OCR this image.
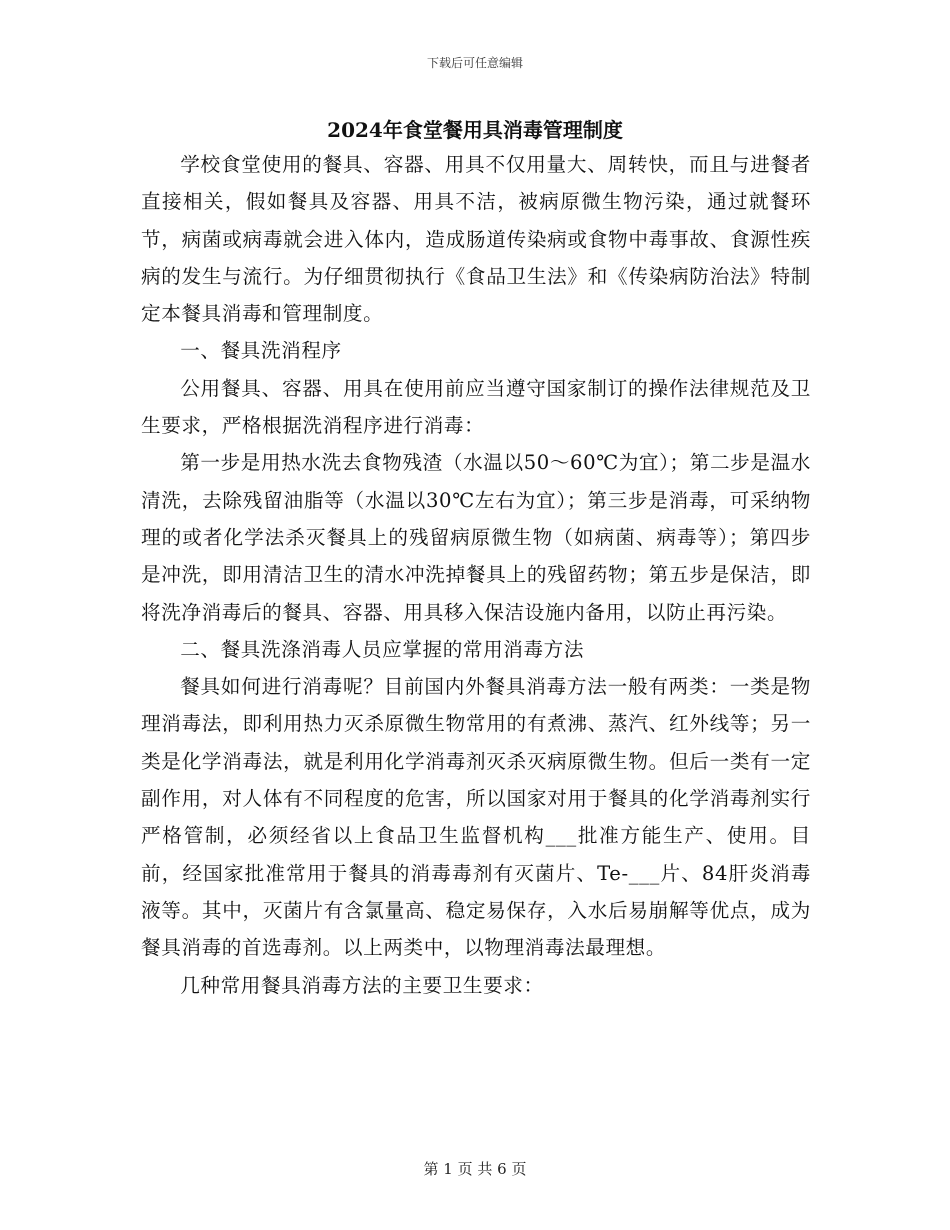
下载后可任意编辑
2024年食堂餐用具消毒管理制度

学校食堂使用的餐具、容器、用具不仅用量大、周转快，而且与进餐者直接相关，假如餐具及容器、用具不洁，被病原微生物污染，通过就餐环节，病菌或病毒就会进入体内，造成肠道传染病或食物中毒事故、食源性疾病的发生与流行。为仔细贯彻执行《食品卫生法》和《传染病防治法》特制定本餐具消毒和管理制度。

一、餐具洗消程序

公用餐具、容器、用具在使用前应当遵守国家制订的操作法律规范及卫生要求，严格根据洗消程序进行消毒：

第一步是用热水洗去食物残渣（水温以50～60℃为宜）；第二步是温水清洗，去除残留油脂等（水温以30℃左右为宜）；第三步是消毒，可采纳物理的或者化学法杀灭餐具上的残留病原微生物（如病菌、病毒等）；第四步是冲洗，即用清洁卫生的清水冲洗掉餐具上的残留药物；第五步是保洁，即将洗净消毒后的餐具、容器、用具移入保洁设施内备用，以防止再污染。

二、餐具洗涤消毒人员应掌握的常用消毒方法

餐具如何进行消毒呢？目前国内外餐具消毒方法一般有两类：一类是物理消毒法，即利用热力灭杀原微生物常用的有煮沸、蒸汽、红外线等；另一类是化学消毒法，就是利用化学消毒剂灭杀灭病原微生物。但后一类有一定副作用，对人体有不同程度的危害，所以国家对用于餐具的化学消毒剂实行严格管制，必须经省以上食品卫生监督机构___批准方能生产、使用。目前，经国家批准常用于餐具的消毒毒剂有灭菌片、Te-___片、84肝炎消毒液等。其中，灭菌片有含氯量高、稳定易保存，入水后易崩解等优点，成为餐具消毒的首选毒剂。以上两类中，以物理消毒法最理想。

几种常用餐具消毒方法的主要卫生要求：

第 1 页 共 6 页
